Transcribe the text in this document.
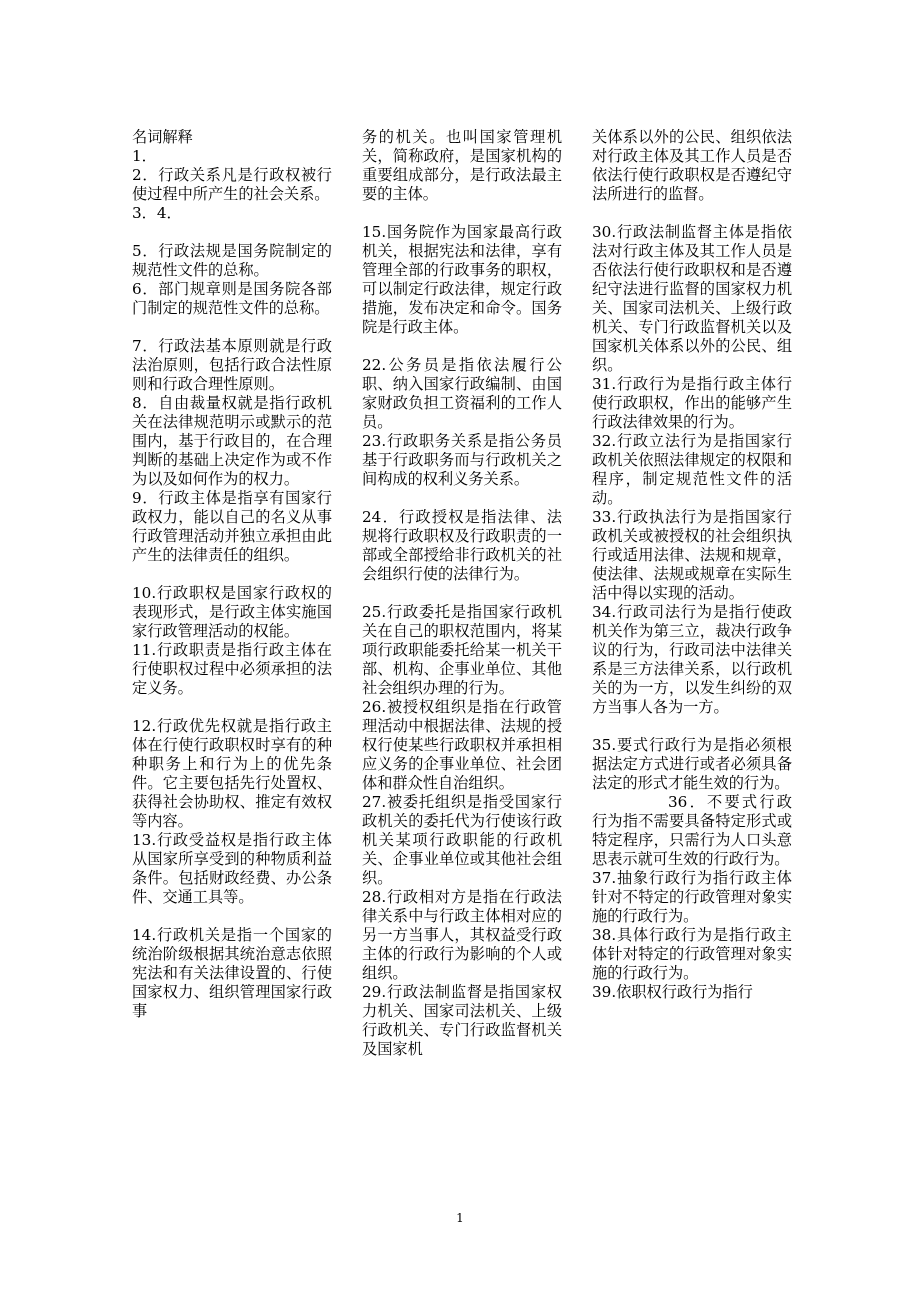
名词解释

1．

2．行政关系凡是行政权被行使过程中所产生的社会关系。

3．4．

5．行政法规是国务院制定的规范性文件的总称。

6．部门规章则是国务院各部门制定的规范性文件的总称。

7．行政法基本原则就是行政法治原则，包括行政合法性原则和行政合理性原则。

8．自由裁量权就是指行政机关在法律规范明示或默示的范围内，基于行政目的，在合理判断的基础上决定作为或不作为以及如何作为的权力。

9．行政主体是指享有国家行政权力，能以自己的名义从事行政管理活动并独立承担由此产生的法律责任的组织。

10.行政职权是国家行政权的表现形式，是行政主体实施国家行政管理活动的权能。

11.行政职责是指行政主体在行使职权过程中必须承担的法定义务。

12.行政优先权就是指行政主体在行使行政职权时享有的种种职务上和行为上的优先条件。它主要包括先行处置权、获得社会协助权、推定有效权等内容。

13.行政受益权是指行政主体从国家所享受到的种物质利益条件。包括财政经费、办公条件、交通工具等。

14.行政机关是指一个国家的统治阶级根据其统治意志依照宪法和有关法律设置的、行使国家权力、组织管理国家行政事

务的机关。也叫国家管理机关，简称政府，是国家机构的重要组成部分，是行政法最主要的主体。

15.国务院作为国家最高行政机关，根据宪法和法律，享有管理全部的行政事务的职权，可以制定行政法律，规定行政措施，发布决定和命令。国务院是行政主体。

22.公务员是指依法履行公职、纳入国家行政编制、由国家财政负担工资福利的工作人员。

23.行政职务关系是指公务员基于行政职务而与行政机关之间构成的权利义务关系。

24．行政授权是指法律、法规将行政职权及行政职责的一部或全部授给非行政机关的社会组织行使的法律行为。

25.行政委托是指国家行政机关在自己的职权范围内，将某项行政职能委托给某一机关干部、机构、企事业单位、其他社会组织办理的行为。

26.被授权组织是指在行政管理活动中根据法律、法规的授权行使某些行政职权并承担相应义务的企事业单位、社会团体和群众性自治组织。

27.被委托组织是指受国家行政机关的委托代为行使该行政机关某项行政职能的行政机关、企事业单位或其他社会组织。

28.行政相对方是指在行政法律关系中与行政主体相对应的另一方当事人，其权益受行政主体的行政行为影响的个人或组织。

29.行政法制监督是指国家权力机关、国家司法机关、上级行政机关、专门行政监督机关及国家机

关体系以外的公民、组织依法对行政主体及其工作人员是否依法行使行政职权是否遵纪守法所进行的监督。

30.行政法制监督主体是指依法对行政主体及其工作人员是否依法行使行政职权和是否遵纪守法进行监督的国家权力机关、国家司法机关、上级行政机关、专门行政监督机关以及国家机关体系以外的公民、组织。

31.行政行为是指行政主体行使行政职权，作出的能够产生行政法律效果的行为。

32.行政立法行为是指国家行政机关依照法律规定的权限和程序，制定规范性文件的活动。

33.行政执法行为是指国家行政机关或被授权的社会组织执行或适用法律、法规和规章，使法律、法规或规章在实际生活中得以实现的活动。

34.行政司法行为是指行使政机关作为第三立，裁决行政争议的行为，行政司法中法律关系是三方法律关系，以行政机关的为一方，以发生纠纷的双方当事人各为一方。

35.要式行政行为是指必须根据法定方式进行或者必须具备法定的形式才能生效的行为。

36．不要式行政行为指不需要具备特定形式或特定程序，只需行为人口头意思表示就可生效的行政行为。

37.抽象行政行为指行政主体针对不特定的行政管理对象实施的行政行为。

38.具体行政行为是指行政主体针对特定的行政管理对象实施的行政行为。

39.依职权行政行为指行

1
